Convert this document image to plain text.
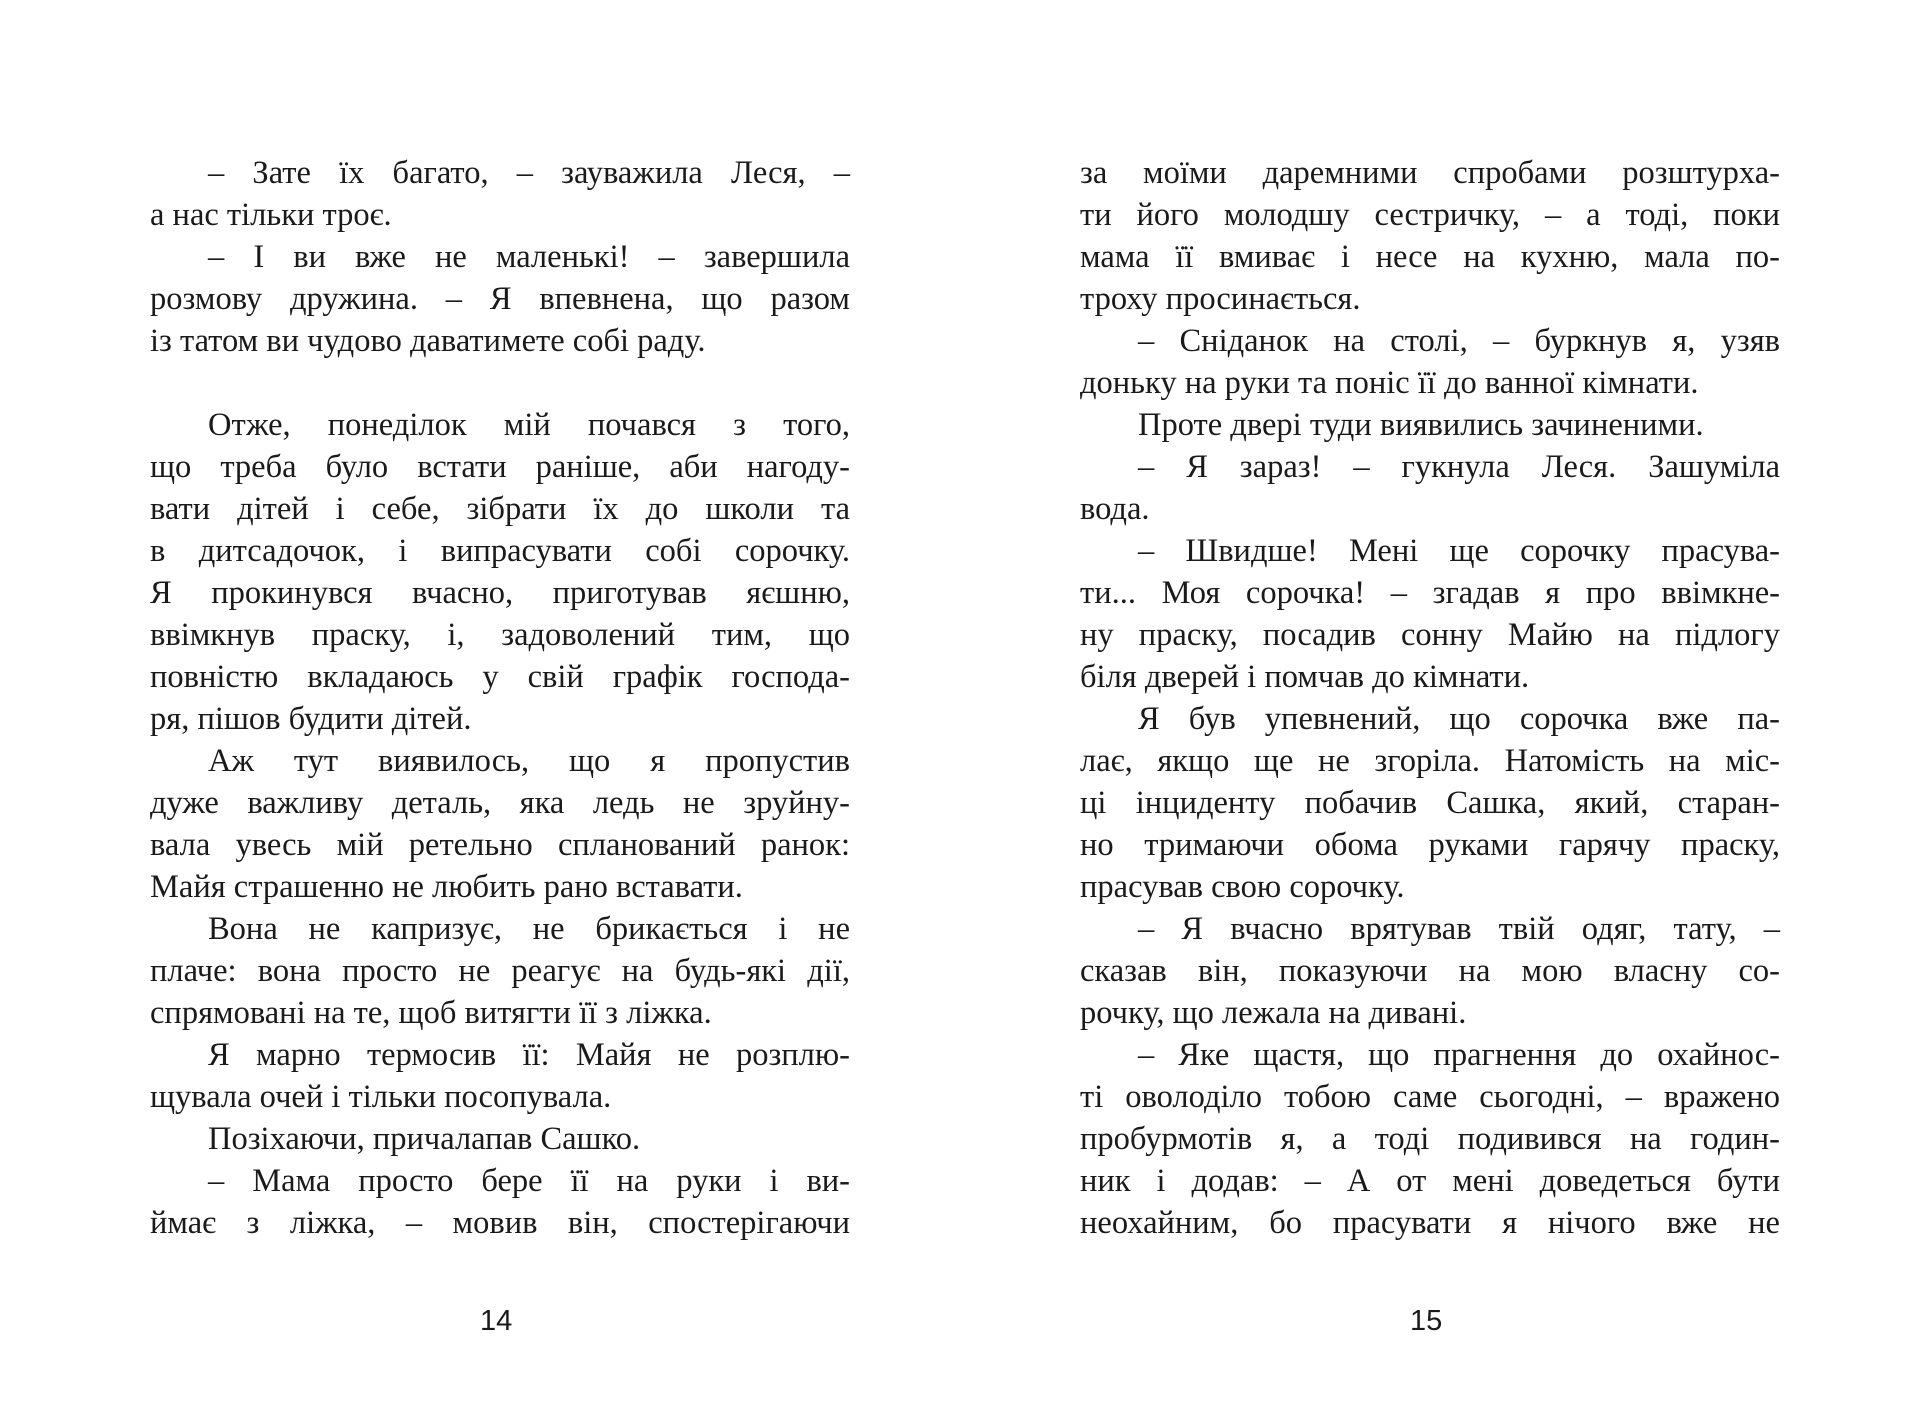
– Зате їх багато, – зауважила Леся, –
а нас тільки троє.
– І ви вже не маленькі! – завершила
розмову дружина. – Я впевнена, що разом
із татом ви чудово даватимете собі раду.
Отже, понеділок мій почався з того,
що треба було встати раніше, аби нагоду-
вати дітей і себе, зібрати їх до школи та
в дитсадочок, і випрасувати собі сорочку.
Я прокинувся вчасно, приготував яєшню,
ввімкнув праску, і, задоволений тим, що
повністю вкладаюсь у свій графік господа-
ря, пішов будити дітей.
Аж тут виявилось, що я пропустив
дуже важливу деталь, яка ледь не зруйну-
вала увесь мій ретельно спланований ранок:
Майя страшенно не любить рано вставати.
Вона не капризує, не брикається і не
плаче: вона просто не реагує на будь-які дії,
спрямовані на те, щоб витягти її з ліжка.
Я марно термосив її: Майя не розплю-
щувала очей і тільки посопувала.
Позіхаючи, причалапав Сашко.
– Мама просто бере її на руки і ви-
ймає з ліжка, – мовив він, спостерігаючи
за моїми даремними спробами розштурха-
ти його молодшу сестричку, – а тоді, поки
мама її вмиває і несе на кухню, мала по-
троху просинається.
– Сніданок на столі, – буркнув я, узяв
доньку на руки та поніс її до ванної кімнати.
Проте двері туди виявились зачиненими.
– Я зараз! – гукнула Леся. Зашуміла
вода.
– Швидше! Мені ще сорочку прасува-
ти... Моя сорочка! – згадав я про ввімкне-
ну праску, посадив сонну Майю на підлогу
біля дверей і помчав до кімнати.
Я був упевнений, що сорочка вже па-
лає, якщо ще не згоріла. Натомість на міс-
ці інциденту побачив Сашка, який, старан-
но тримаючи обома руками гарячу праску,
прасував свою сорочку.
– Я вчасно врятував твій одяг, тату, –
сказав він, показуючи на мою власну со-
рочку, що лежала на дивані.
– Яке щастя, що прагнення до охайнос-
ті оволоділо тобою саме сьогодні, – вражено
пробурмотів я, а тоді подивився на годин-
ник і додав: – А от мені доведеться бути
неохайним, бо прасувати я нічого вже не
14	15
